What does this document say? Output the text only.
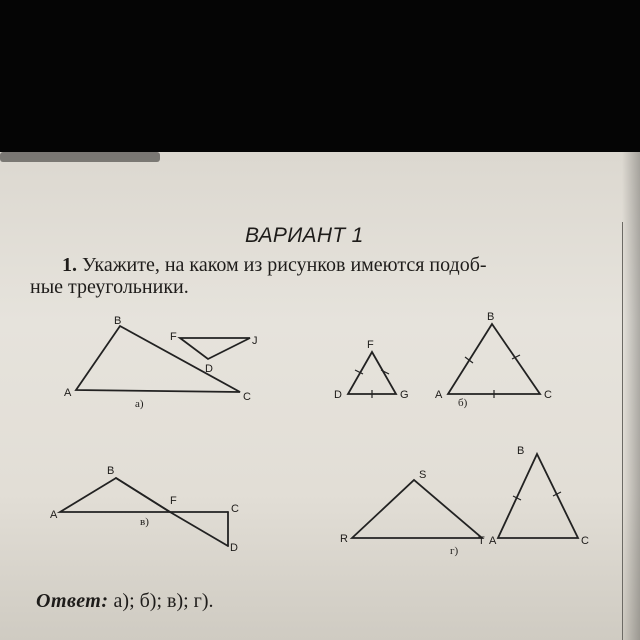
ВАРИАНТ 1
1. Укажите, на каком из рисунков имеются подоб-
ные треугольники.
B
A	C
F	J
D
а)
F
D	G
B
A	C
б)
B
A
F
C
D
в)
S
R	T
B
A	C
г)
Ответ: а); б); в); г).
